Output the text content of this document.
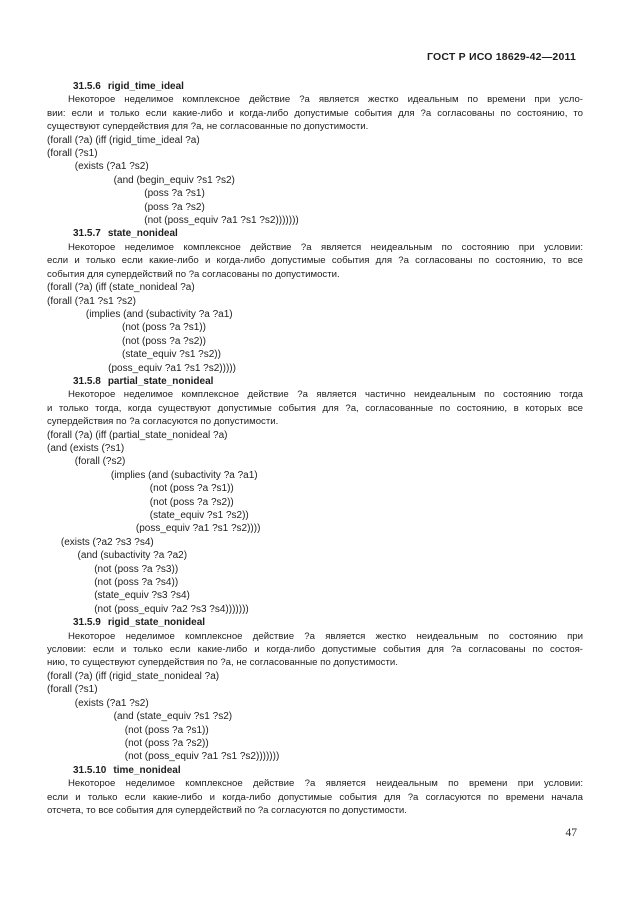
ГОСТ Р ИСО 18629-42—2011
31.5.6 rigid_time_ideal
Некоторое неделимое комплексное действие ?a является жестко идеальным по времени при усло-
вии: если и только если какие-либо и когда-либо допустимые события для ?a согласованы по состоянию, то
существуют супердействия для ?a, не согласованные по допустимости.
(forall (?a) (iff (rigid_time_ideal ?a)
(forall (?s1)
(exists (?a1 ?s2)
(and (begin_equiv ?s1 ?s2)
(poss ?a ?s1)
(poss ?a ?s2)
(not (poss_equiv ?a1 ?s1 ?s2)))))))
31.5.7 state_nonideal
Некоторое неделимое комплексное действие ?a является неидеальным по состоянию при условии:
если и только если какие-либо и когда-либо допустимые события для ?a согласованы по состоянию, то все
события для супердействий по ?a согласованы по допустимости.
(forall (?a) (iff (state_nonideal ?a)
(forall (?a1 ?s1 ?s2)
(implies (and (subactivity ?a ?a1)
(not (poss ?a ?s1))
(not (poss ?a ?s2))
(state_equiv ?s1 ?s2))
(poss_equiv ?a1 ?s1 ?s2)))))
31.5.8 partial_state_nonideal
Некоторое неделимое комплексное действие ?a является частично неидеальным по состоянию тогда
и только тогда, когда существуют допустимые события для ?a, согласованные по состоянию, в которых все
супердействия по ?a согласуются по допустимости.
(forall (?a) (iff (partial_state_nonideal ?a)
(and (exists (?s1)
(forall (?s2)
(implies (and (subactivity ?a ?a1)
(not (poss ?a ?s1))
(not (poss ?a ?s2))
(state_equiv ?s1 ?s2))
(poss_equiv ?a1 ?s1 ?s2))))
(exists (?a2 ?s3 ?s4)
(and (subactivity ?a ?a2)
(not (poss ?a ?s3))
(not (poss ?a ?s4))
(state_equiv ?s3 ?s4)
(not (poss_equiv ?a2 ?s3 ?s4)))))))
31.5.9 rigid_state_nonideal
Некоторое неделимое комплексное действие ?a является жестко неидеальным по состоянию при
условии: если и только если какие-либо и когда-либо допустимые события для ?a согласованы по состоя-
нию, то существуют супердействия по ?a, не согласованные по допустимости.
(forall (?a) (iff (rigid_state_nonideal ?a)
(forall (?s1)
(exists (?a1 ?s2)
(and (state_equiv ?s1 ?s2)
(not (poss ?a ?s1))
(not (poss ?a ?s2))
(not (poss_equiv ?a1 ?s1 ?s2)))))))
31.5.10 time_nonideal
Некоторое неделимое комплексное действие ?a является неидеальным по времени при условии:
если и только если какие-либо и когда-либо допустимые события для ?a согласуются по времени начала
отсчета, то все события для супердействий по ?a согласуются по допустимости.
47
